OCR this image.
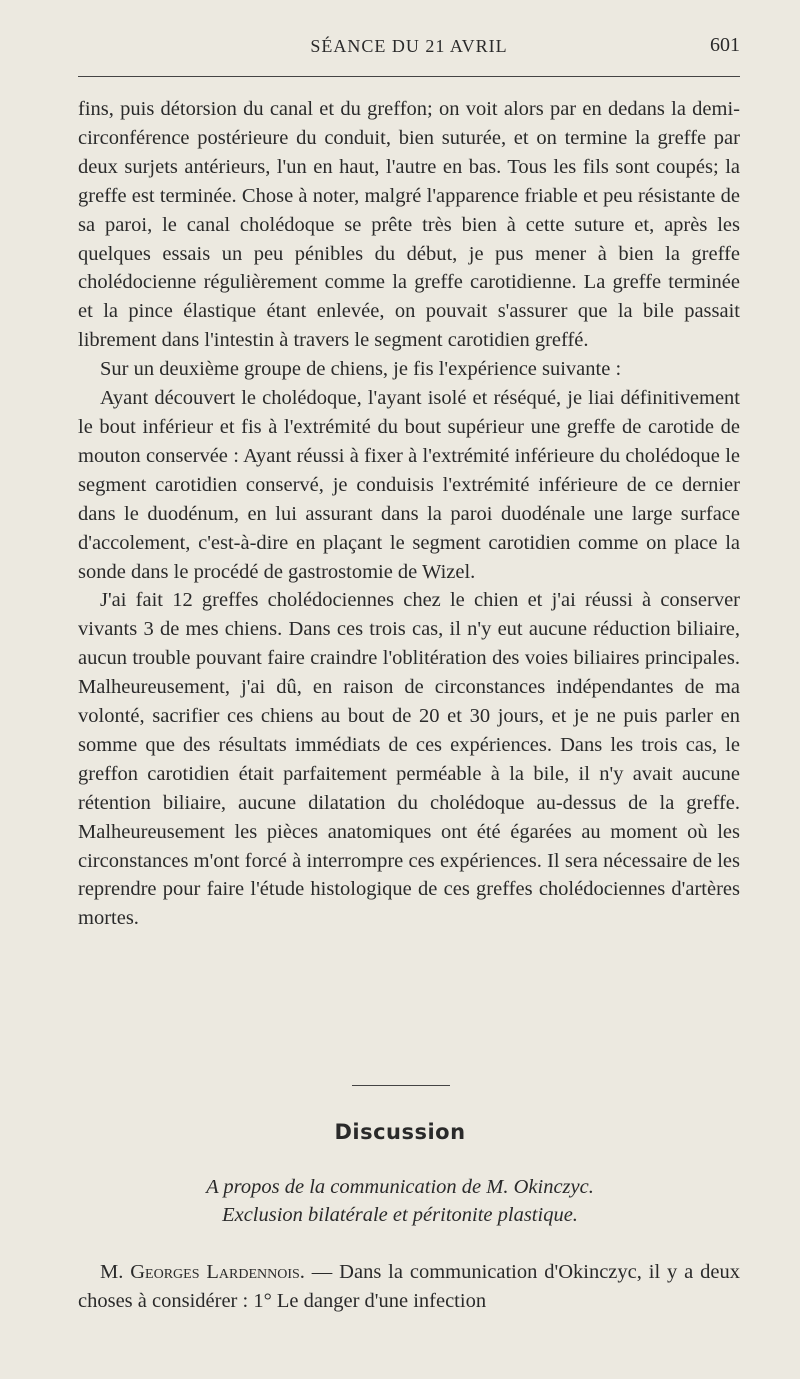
SÉANCE DU 21 AVRIL	601

fins, puis détorsion du canal et du greffon; on voit alors par en dedans la demi-circonférence postérieure du conduit, bien suturée, et on termine la greffe par deux surjets antérieurs, l'un en haut, l'autre en bas. Tous les fils sont coupés; la greffe est terminée. Chose à noter, malgré l'apparence friable et peu résistante de sa paroi, le canal cholédoque se prête très bien à cette suture et, après les quelques essais un peu pénibles du début, je pus mener à bien la greffe cholédocienne régulièrement comme la greffe carotidienne. La greffe terminée et la pince élastique étant enlevée, on pouvait s'assurer que la bile passait librement dans l'intestin à travers le segment carotidien greffé.

Sur un deuxième groupe de chiens, je fis l'expérience suivante :

Ayant découvert le cholédoque, l'ayant isolé et réséqué, je liai définitivement le bout inférieur et fis à l'extrémité du bout supérieur une greffe de carotide de mouton conservée : Ayant réussi à fixer à l'extrémité inférieure du cholédoque le segment carotidien conservé, je conduisis l'extrémité inférieure de ce dernier dans le duodénum, en lui assurant dans la paroi duodénale une large surface d'accolement, c'est-à-dire en plaçant le segment carotidien comme on place la sonde dans le procédé de gastrostomie de Wizel.

J'ai fait 12 greffes cholédociennes chez le chien et j'ai réussi à conserver vivants 3 de mes chiens. Dans ces trois cas, il n'y eut aucune réduction biliaire, aucun trouble pouvant faire craindre l'oblitération des voies biliaires principales. Malheureusement, j'ai dû, en raison de circonstances indépendantes de ma volonté, sacrifier ces chiens au bout de 20 et 30 jours, et je ne puis parler en somme que des résultats immédiats de ces expériences. Dans les trois cas, le greffon carotidien était parfaitement perméable à la bile, il n'y avait aucune rétention biliaire, aucune dilatation du cholédoque au-dessus de la greffe. Malheureusement les pièces anatomiques ont été égarées au moment où les circonstances m'ont forcé à interrompre ces expériences. Il sera nécessaire de les reprendre pour faire l'étude histologique de ces greffes cholédociennes d'artères mortes.

Discussion
A propos de la communication de M. Okinczyc.
Exclusion bilatérale et péritonite plastique.

M. Georges Lardennois. — Dans la communication d'Okinczyc, il y a deux choses à considérer : 1° Le danger d'une infection
